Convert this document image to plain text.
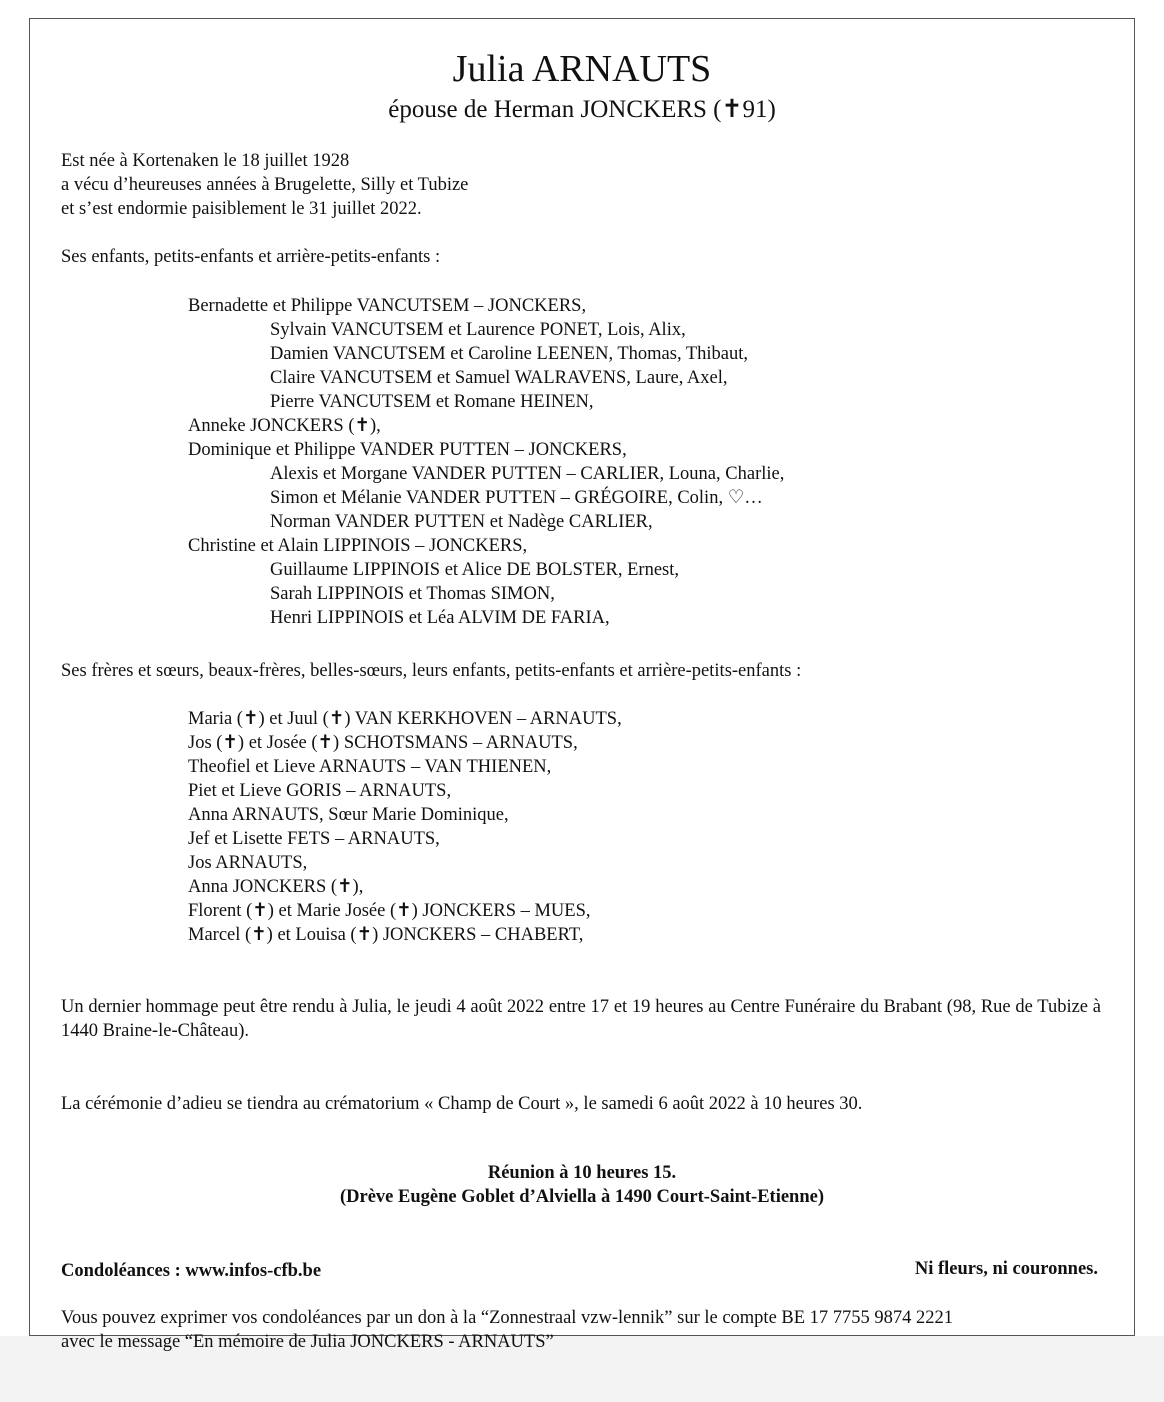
Julia ARNAUTS
épouse de Herman JONCKERS (✝91)
Est née à Kortenaken le 18 juillet 1928
a vécu d’heureuses années à Brugelette, Silly et Tubize
et s’est endormie paisiblement le 31 juillet 2022.
Ses enfants, petits-enfants et arrière-petits-enfants :
Bernadette et Philippe VANCUTSEM – JONCKERS,
Sylvain VANCUTSEM et Laurence PONET, Lois, Alix,
Damien VANCUTSEM et Caroline LEENEN, Thomas, Thibaut,
Claire VANCUTSEM et Samuel WALRAVENS, Laure, Axel,
Pierre VANCUTSEM et Romane HEINEN,
Anneke JONCKERS (✝),
Dominique et Philippe VANDER PUTTEN – JONCKERS,
Alexis et Morgane VANDER PUTTEN – CARLIER, Louna, Charlie,
Simon et Mélanie VANDER PUTTEN – GRÉGOIRE, Colin, ♡…
Norman VANDER PUTTEN et Nadège CARLIER,
Christine et Alain LIPPINOIS – JONCKERS,
Guillaume LIPPINOIS et Alice DE BOLSTER, Ernest,
Sarah LIPPINOIS et Thomas SIMON,
Henri LIPPINOIS et Léa ALVIM DE FARIA,
Ses frères et sœurs, beaux-frères, belles-sœurs, leurs enfants, petits-enfants et arrière-petits-enfants :
Maria (✝) et Juul (✝) VAN KERKHOVEN – ARNAUTS,
Jos (✝) et Josée (✝) SCHOTSMANS – ARNAUTS,
Theofiel et Lieve ARNAUTS – VAN THIENEN,
Piet et Lieve GORIS – ARNAUTS,
Anna ARNAUTS, Sœur Marie Dominique,
Jef et Lisette FETS – ARNAUTS,
Jos ARNAUTS,
Anna JONCKERS (✝),
Florent (✝) et Marie Josée (✝) JONCKERS – MUES,
Marcel (✝) et Louisa (✝) JONCKERS – CHABERT,
Un dernier hommage peut être rendu à Julia, le jeudi 4 août 2022 entre 17 et 19 heures au Centre Funéraire du Brabant (98, Rue de Tubize à 1440 Braine-le-Château).
La cérémonie d’adieu se tiendra au crématorium « Champ de Court », le samedi 6 août 2022 à 10 heures 30.
Réunion à 10 heures 15.
(Drève Eugène Goblet d’Alviella à 1490 Court-Saint-Etienne)
Condoléances : www.infos-cfb.be	Ni fleurs, ni couronnes.
Vous pouvez exprimer vos condoléances par un don à la “Zonnestraal vzw-lennik” sur le compte BE 17 7755 9874 2221
avec le message “En mémoire de Julia JONCKERS - ARNAUTS”
